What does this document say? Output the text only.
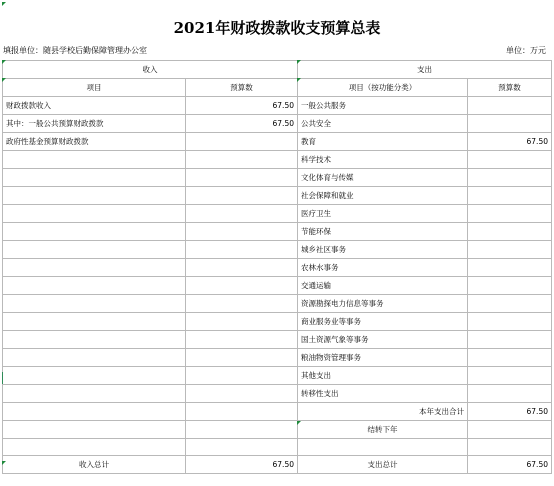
2021年财政拨款收支预算总表
填报单位：随县学校后勤保障管理办公室	单位：万元
收入		支出	
项目	预算数	项目（按功能分类）	预算数
财政拨款收入	67.50	一般公共服务	
其中：一般公共预算财政拨款	67.50	公共安全	
政府性基金预算财政拨款		教育	67.50
		科学技术	
		文化体育与传媒	
		社会保障和就业	
		医疗卫生	
		节能环保	
		城乡社区事务	
		农林水事务	
		交通运输	
		资源勘探电力信息等事务	
		商业服务业等事务	
		国土资源气象等事务	
		粮油物资管理事务	
		其他支出	
		转移性支出	
		本年支出合计	67.50
		结转下年	

收入总计	67.50	支出总计	67.50
